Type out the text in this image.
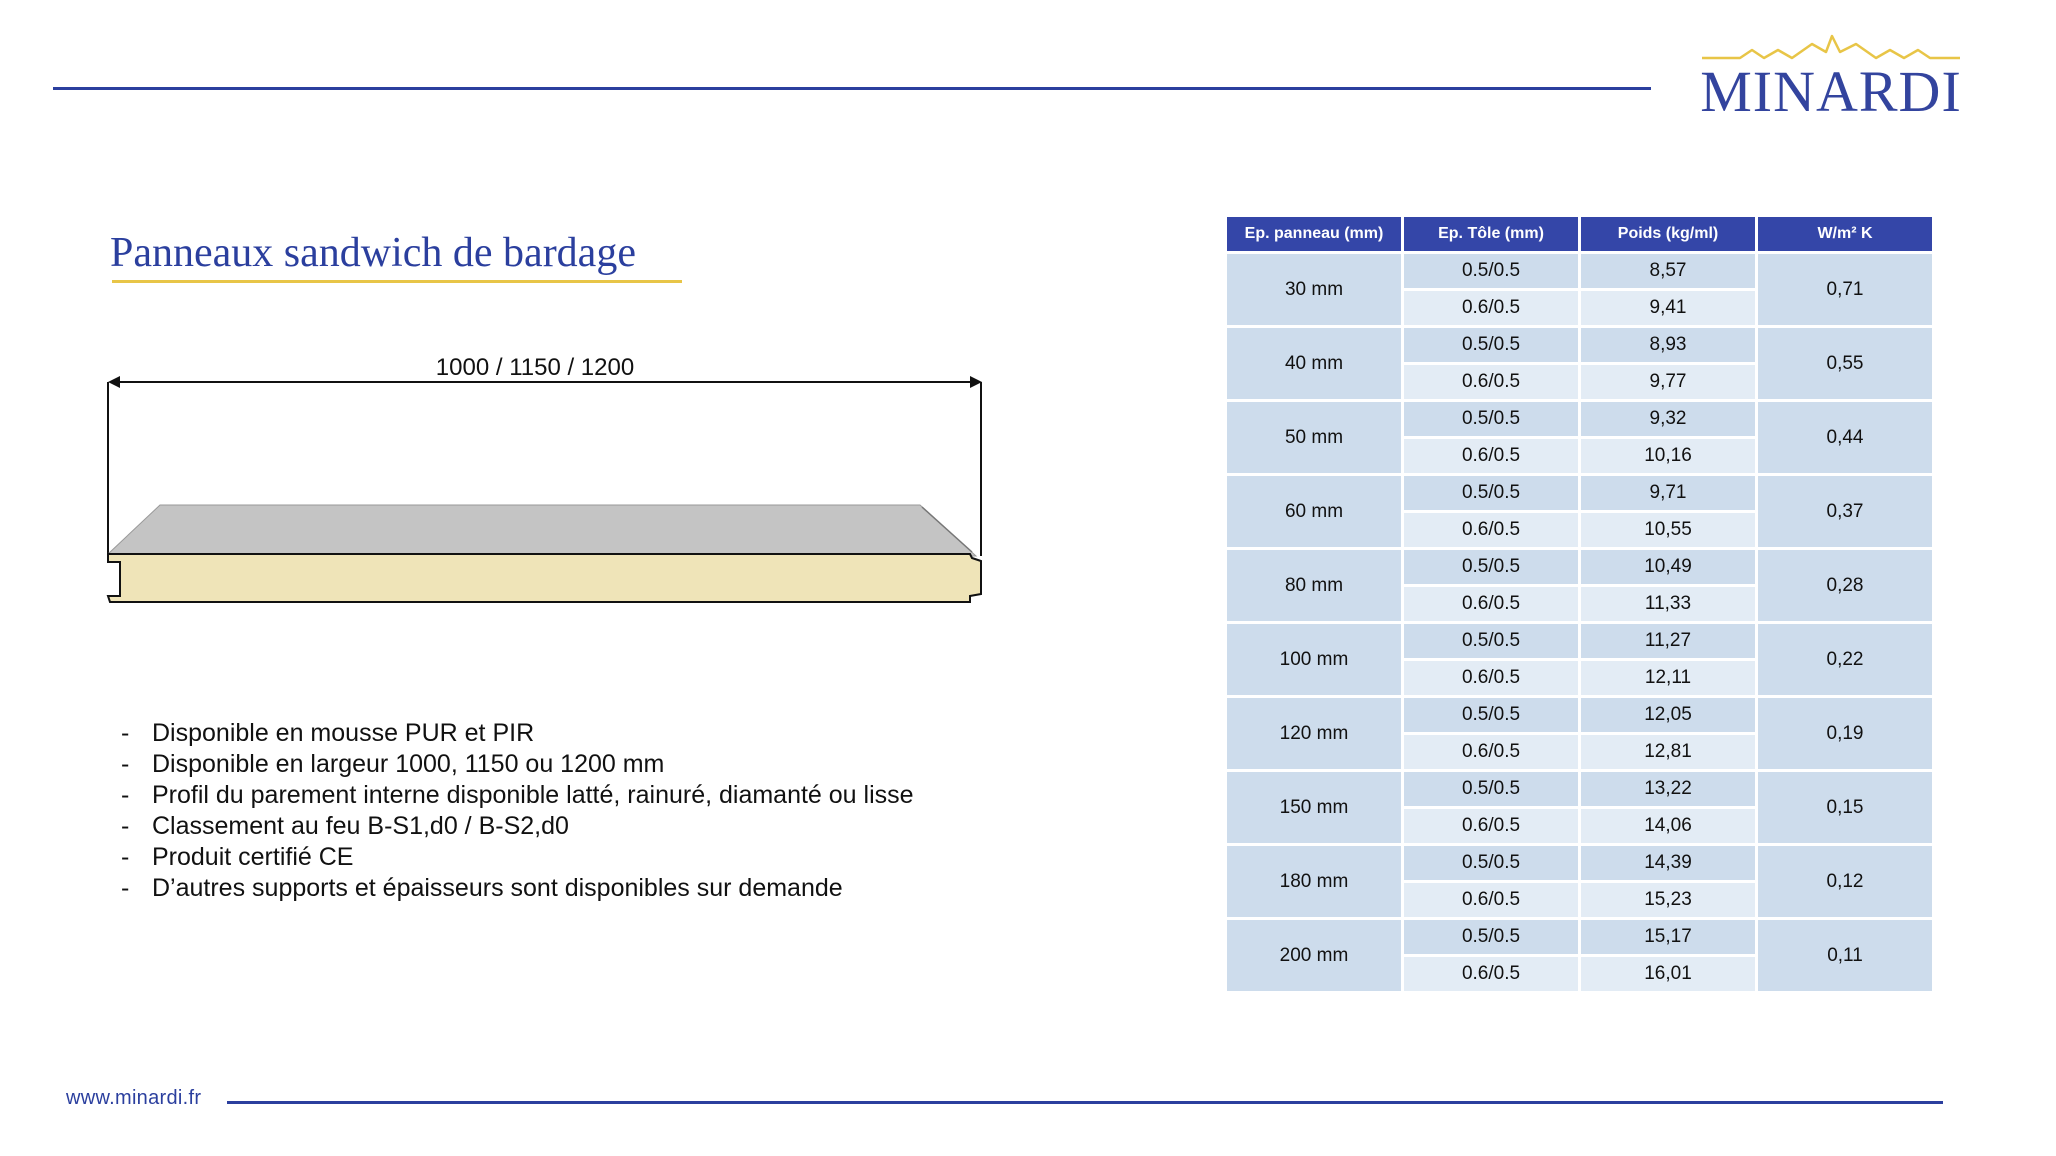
MINARDI
Panneaux sandwich de bardage
1000 / 1150 / 1200
- Disponible en mousse PUR et PIR
- Disponible en largeur 1000, 1150 ou 1200 mm
- Profil du parement interne disponible latté, rainuré, diamanté ou lisse
- Classement au feu B-S1,d0 / B-S2,d0
- Produit certifié CE
- D’autres supports et épaisseurs sont disponibles sur demande
Ep. panneau (mm)	Ep. Tôle (mm)	Poids (kg/ml)	W/m² K
30 mm	0.5/0.5	8,57	0,71
	0.6/0.5	9,41	
40 mm	0.5/0.5	8,93	0,55
	0.6/0.5	9,77	
50 mm	0.5/0.5	9,32	0,44
	0.6/0.5	10,16	
60 mm	0.5/0.5	9,71	0,37
	0.6/0.5	10,55	
80 mm	0.5/0.5	10,49	0,28
	0.6/0.5	11,33	
100 mm	0.5/0.5	11,27	0,22
	0.6/0.5	12,11	
120 mm	0.5/0.5	12,05	0,19
	0.6/0.5	12,81	
150 mm	0.5/0.5	13,22	0,15
	0.6/0.5	14,06	
180 mm	0.5/0.5	14,39	0,12
	0.6/0.5	15,23	
200 mm	0.5/0.5	15,17	0,11
	0.6/0.5	16,01	
www.minardi.fr
